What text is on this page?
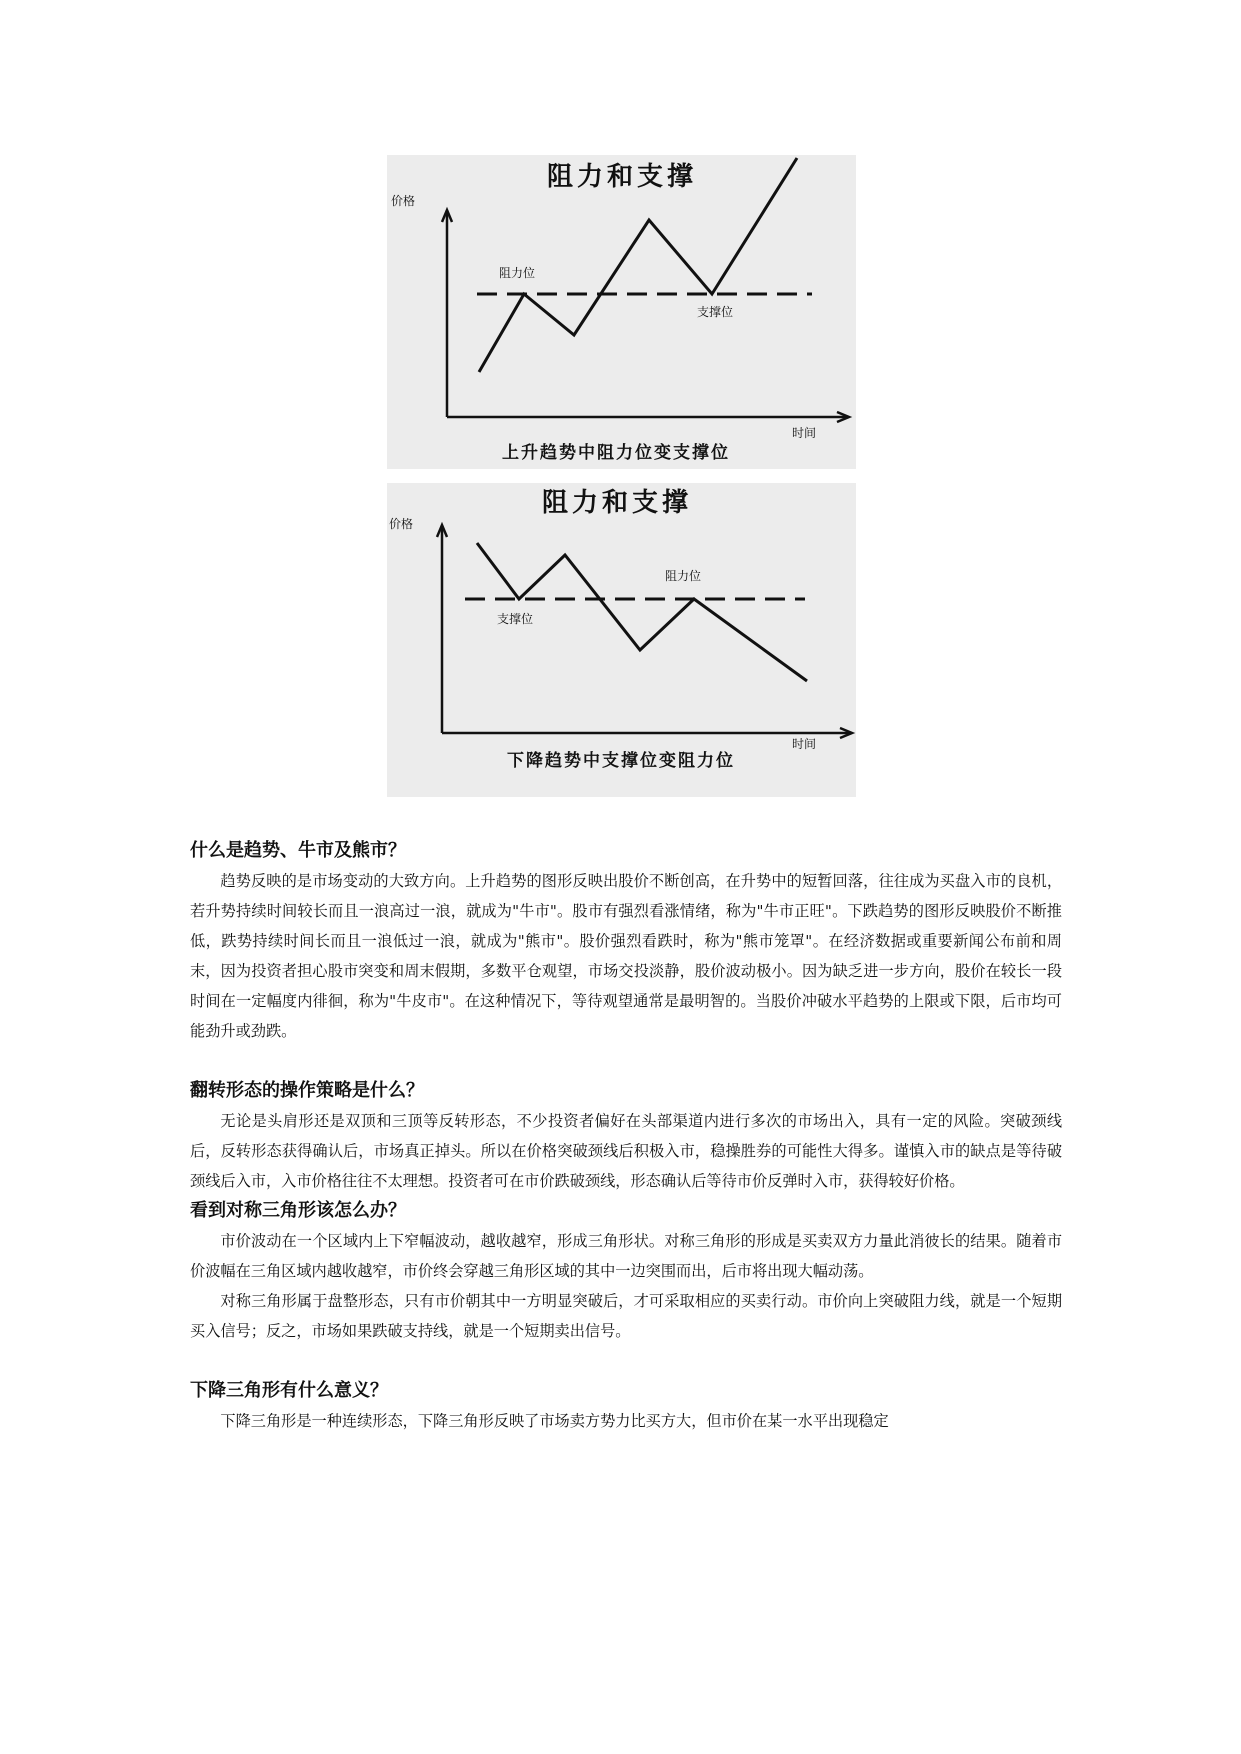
阻力和支撑
价格
时间
阻力位
支撑位
上升趋势中阻力位变支撑位
阻力和支撑
价格
时间
阻力位
支撑位
下降趋势中支撑位变阻力位
什么是趋势、牛市及熊市？

趋势反映的是市场变动的大致方向。上升趋势的图形反映出股价不断创高，在升势中的短暂回落，往往成为买盘入市的良机，若升势持续时间较长而且一浪高过一浪，就成为"牛市"。股市有强烈看涨情绪，称为"牛市正旺"。下跌趋势的图形反映股价不断推低，跌势持续时间长而且一浪低过一浪，就成为"熊市"。股价强烈看跌时，称为"熊市笼罩"。在经济数据或重要新闻公布前和周末，因为投资者担心股市突变和周末假期，多数平仓观望，市场交投淡静，股价波动极小。因为缺乏进一步方向，股价在较长一段时间在一定幅度内徘徊，称为"牛皮市"。在这种情况下，等待观望通常是最明智的。当股价冲破水平趋势的上限或下限，后市均可能劲升或劲跌。

翻转形态的操作策略是什么？

无论是头肩形还是双顶和三顶等反转形态，不少投资者偏好在头部渠道内进行多次的市场出入，具有一定的风险。突破颈线后，反转形态获得确认后，市场真正掉头。所以在价格突破颈线后积极入市，稳操胜券的可能性大得多。谨慎入市的缺点是等待破颈线后入市，入市价格往往不太理想。投资者可在市价跌破颈线，形态确认后等待市价反弹时入市，获得较好价格。

看到对称三角形该怎么办？

市价波动在一个区域内上下窄幅波动，越收越窄，形成三角形状。对称三角形的形成是买卖双方力量此消彼长的结果。随着市价波幅在三角区域内越收越窄，市价终会穿越三角形区域的其中一边突围而出，后市将出现大幅动荡。

对称三角形属于盘整形态，只有市价朝其中一方明显突破后，才可采取相应的买卖行动。市价向上突破阻力线，就是一个短期买入信号；反之，市场如果跌破支持线，就是一个短期卖出信号。

下降三角形有什么意义？

下降三角形是一种连续形态，下降三角形反映了市场卖方势力比买方大，但市价在某一水平出现稳定
